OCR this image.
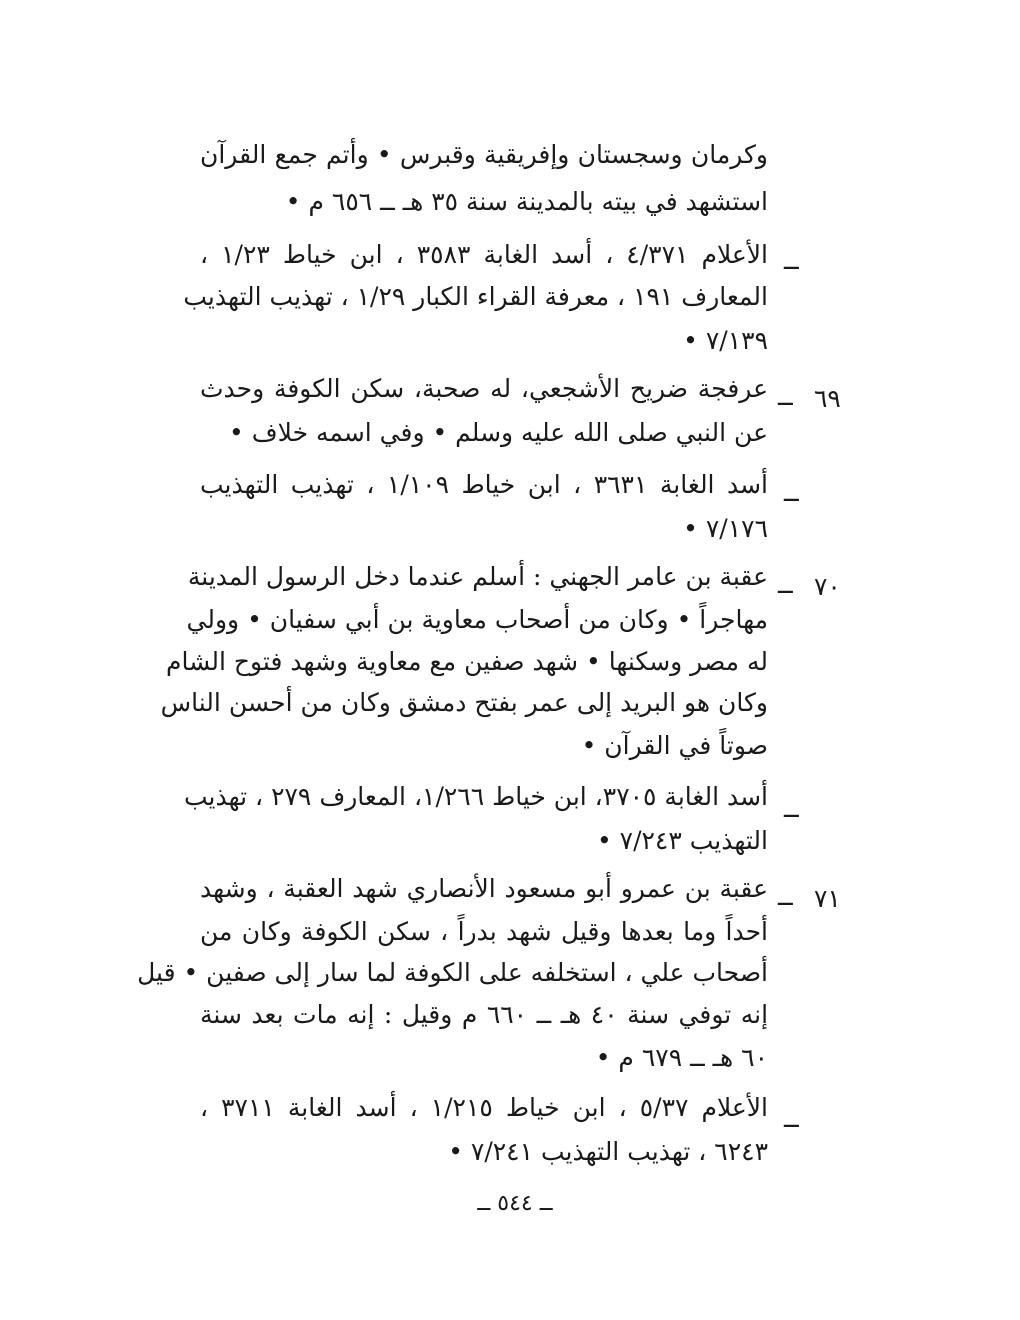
وكرمان وسجستان وإفريقية وقبرس • وأتم جمع القرآن
استشهد في بيته بالمدينة سنة ٣٥ هـ ــ ٦٥٦ م •
ــ
الأعلام ٤/٣٧١ ، أسد الغابة ٣٥٨٣ ، ابن خياط ١/٢٣ ،
المعارف ١٩١ ، معرفة القراء الكبار ١/٢٩ ، تهذيب التهذيب
٧/١٣٩ •
٦٩
ــ
عرفجة ضريح الأشجعي، له صحبة، سكن الكوفة وحدث
عن النبي صلى الله عليه وسلم • وفي اسمه خلاف •
ــ
أسد الغابة ٣٦٣١ ، ابن خياط ١/١٠٩ ، تهذيب التهذيب
٧/١٧٦ •
٧٠
ــ
عقبة بن عامر الجهني : أسلم عندما دخل الرسول المدينة
مهاجراً • وكان من أصحاب معاوية بن أبي سفيان • وولي
له مصر وسكنها • شهد صفين مع معاوية وشهد فتوح الشام
وكان هو البريد إلى عمر بفتح دمشق وكان من أحسن الناس
صوتاً في القرآن •
ــ
أسد الغابة ٣٧٠٥، ابن خياط ١/٢٦٦، المعارف ٢٧٩ ، تهذيب
التهذيب ٧/٢٤٣ •
٧١
ــ
عقبة بن عمرو أبو مسعود الأنصاري شهد العقبة ، وشهد
أحداً وما بعدها وقيل شهد بدراً ، سكن الكوفة وكان من
أصحاب علي ، استخلفه على الكوفة لما سار إلى صفين • قيل
إنه توفي سنة ٤٠ هـ ــ ٦٦٠ م وقيل : إنه مات بعد سنة
٦٠ هـ ــ ٦٧٩ م •
ــ
الأعلام ٥/٣٧ ، ابن خياط ١/٢١٥ ، أسد الغابة ٣٧١١ ،
٦٢٤٣ ، تهذيب التهذيب ٧/٢٤١ •
ــ ٥٤٤ ــ
